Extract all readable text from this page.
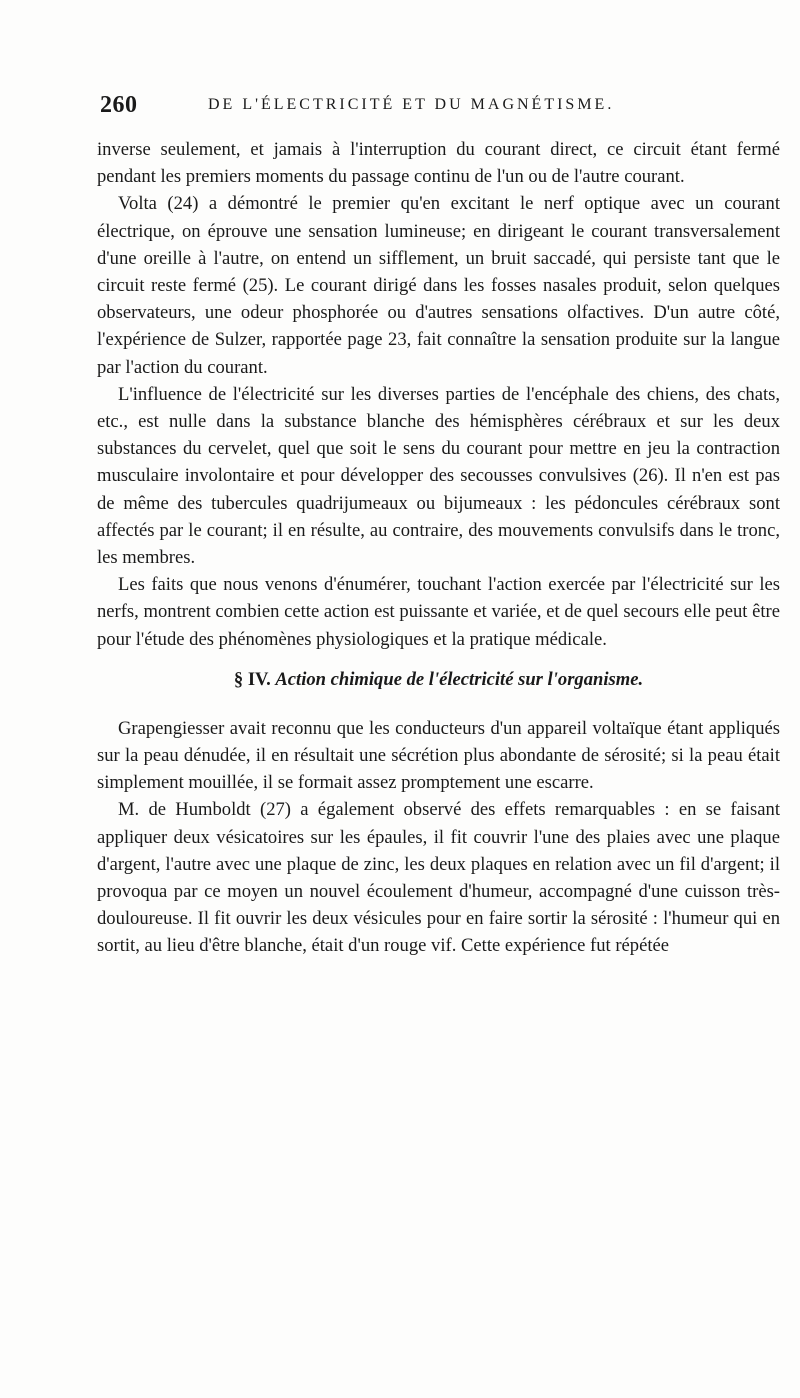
260	DE L'ÉLECTRICITÉ ET DU MAGNÉTISME.

inverse seulement, et jamais à l'interruption du courant direct, ce circuit étant fermé pendant les premiers moments du passage continu de l'un ou de l'autre courant.

Volta (24) a démontré le premier qu'en excitant le nerf optique avec un courant électrique, on éprouve une sensation lumineuse; en dirigeant le courant transversalement d'une oreille à l'autre, on entend un sifflement, un bruit saccadé, qui persiste tant que le circuit reste fermé (25). Le courant dirigé dans les fosses nasales produit, selon quelques observateurs, une odeur phosphorée ou d'autres sensations olfactives. D'un autre côté, l'expérience de Sulzer, rapportée page 23, fait connaître la sensation produite sur la langue par l'action du courant.

L'influence de l'électricité sur les diverses parties de l'encéphale des chiens, des chats, etc., est nulle dans la substance blanche des hémisphères cérébraux et sur les deux substances du cervelet, quel que soit le sens du courant pour mettre en jeu la contraction musculaire involontaire et pour développer des secousses convulsives (26). Il n'en est pas de même des tubercules quadrijumeaux ou bijumeaux : les pédoncules cérébraux sont affectés par le courant; il en résulte, au contraire, des mouvements convulsifs dans le tronc, les membres.

Les faits que nous venons d'énumérer, touchant l'action exercée par l'électricité sur les nerfs, montrent combien cette action est puissante et variée, et de quel secours elle peut être pour l'étude des phénomènes physiologiques et la pratique médicale.

§ IV. Action chimique de l'électricité sur l'organisme.

Grapengiesser avait reconnu que les conducteurs d'un appareil voltaïque étant appliqués sur la peau dénudée, il en résultait une sécrétion plus abondante de sérosité; si la peau était simplement mouillée, il se formait assez promptement une escarre.

M. de Humboldt (27) a également observé des effets remarquables : en se faisant appliquer deux vésicatoires sur les épaules, il fit couvrir l'une des plaies avec une plaque d'argent, l'autre avec une plaque de zinc, les deux plaques en relation avec un fil d'argent; il provoqua par ce moyen un nouvel écoulement d'humeur, accompagné d'une cuisson très-douloureuse. Il fit ouvrir les deux vésicules pour en faire sortir la sérosité : l'humeur qui en sortit, au lieu d'être blanche, était d'un rouge vif. Cette expérience fut répétée
